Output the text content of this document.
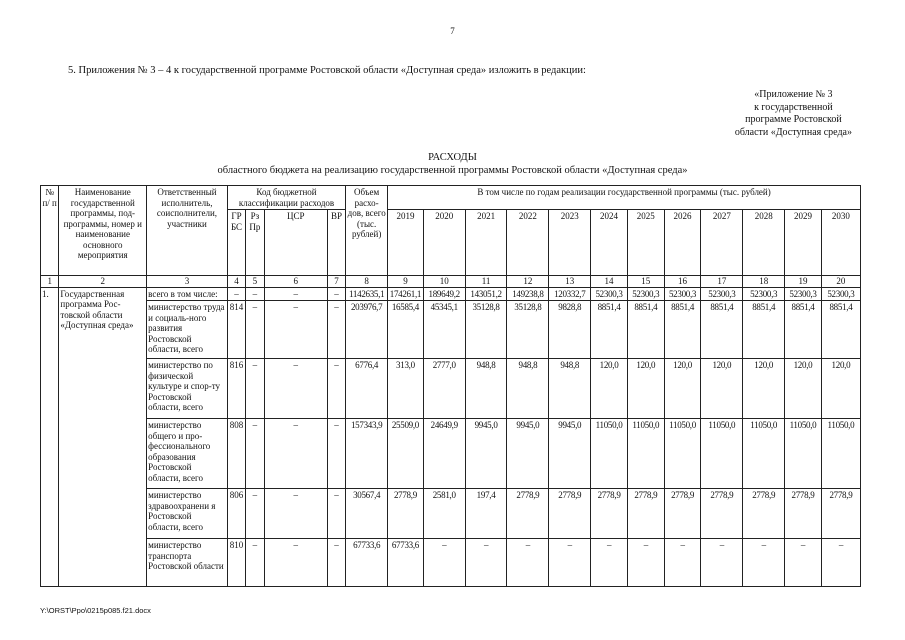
7
5. Приложения № 3 – 4 к государственной программе Ростовской области «Доступная среда» изложить в редакции:
«Приложение № 3
к государственной
программе Ростовской
области «Доступная среда»
РАСХОДЫ
областного бюджета на реализацию государственной программы Ростовской области «Доступная среда»
№ п/ п	Наименование государственной программы, под-программы, номер и наименование основного мероприятия	Ответственный исполнитель, соисполнители, участники	Код бюджетной классификации расходов				Объем расхо-дов, всего (тыс. рублей)	В том числе по годам реализации государственной программы (тыс. рублей)											
			ГР БС	Рз Пр	ЦСР	ВР		2019	2020	2021	2022	2023	2024	2025	2026	2027	2028	2029	2030
1	2	3	4	5	6	7	8	9	10	11	12	13	14	15	16	17	18	19	20
1.	Государственная программа Рос-товской области «Доступная среда»	всего в том числе:	–	–	–	–	1142635,1	174261,1	189649,2	143051,2	149238,8	120332,7	52300,3	52300,3	52300,3	52300,3	52300,3	52300,3	52300,3
		министерство труда и социаль-ного развития Ростовской области, всего	814	–	–	–	203976,7	16585,4	45345,1	35128,8	35128,8	9828,8	8851,4	8851,4	8851,4	8851,4	8851,4	8851,4	8851,4
		министерство по физической культуре и спор-ту Ростовской области, всего	816	–	–	–	6776,4	313,0	2777,0	948,8	948,8	948,8	120,0	120,0	120,0	120,0	120,0	120,0	120,0
		министерство общего и про-фессионального образования Ростовской области, всего	808	–	–	–	157343,9	25509,0	24649,9	9945,0	9945,0	9945,0	11050,0	11050,0	11050,0	11050,0	11050,0	11050,0	11050,0
		министерство здравоохранени я Ростовской области, всего	806	–	–	–	30567,4	2778,9	2581,0	197,4	2778,9	2778,9	2778,9	2778,9	2778,9	2778,9	2778,9	2778,9	2778,9
		министерство транспорта Ростовской области	810	–	–	–	67733,6	67733,6	–	–	–	–	–	–	–	–	–	–	–
Y:\ORST\Ppo\0215p085.f21.docx
